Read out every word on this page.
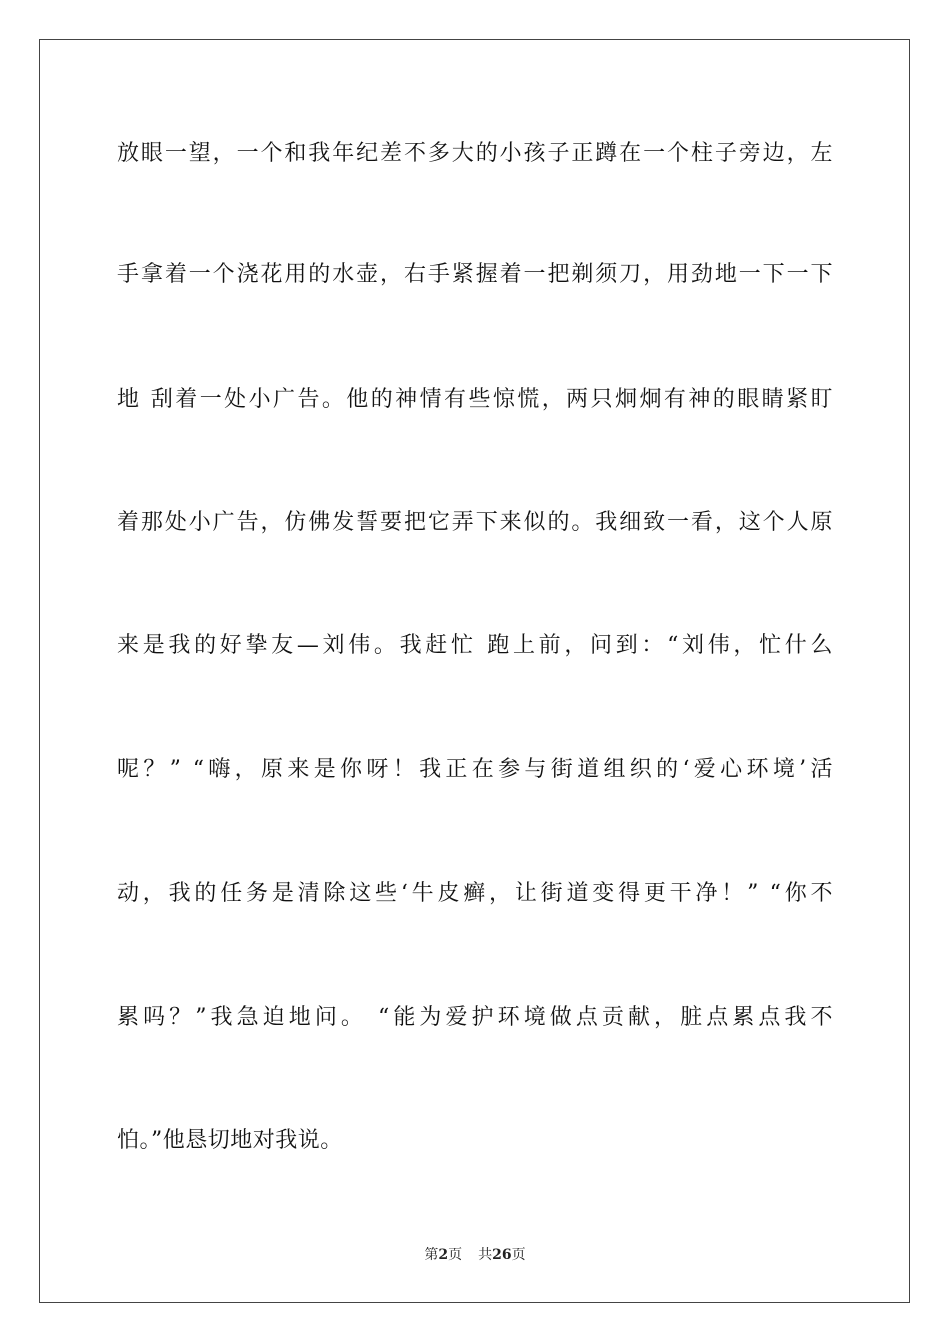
放眼一望，一个和我年纪差不多大的小孩子正蹲在一个柱子旁边，左
手拿着一个浇花用的水壶，右手紧握着一把剃须刀，用劲地一下一下
地 刮着一处小广告。他的神情有些惊慌，两只炯炯有神的眼睛紧盯
着那处小广告，仿佛发誓要把它弄下来似的。我细致一看，这个人原
来是我的好挚友—刘伟。我赶忙 跑上前，问到：“刘伟，忙什么
呢？” “嗨，原来是你呀！我正在参与街道组织的‘爱心环境’活
动，我的任务是清除这些‘牛皮癣，让街道变得更干净！” “你不
累吗？”我急迫地问。 “能为爱护环境做点贡献，脏点累点我不
怕。”他恳切地对我说。
第2页 共26页
